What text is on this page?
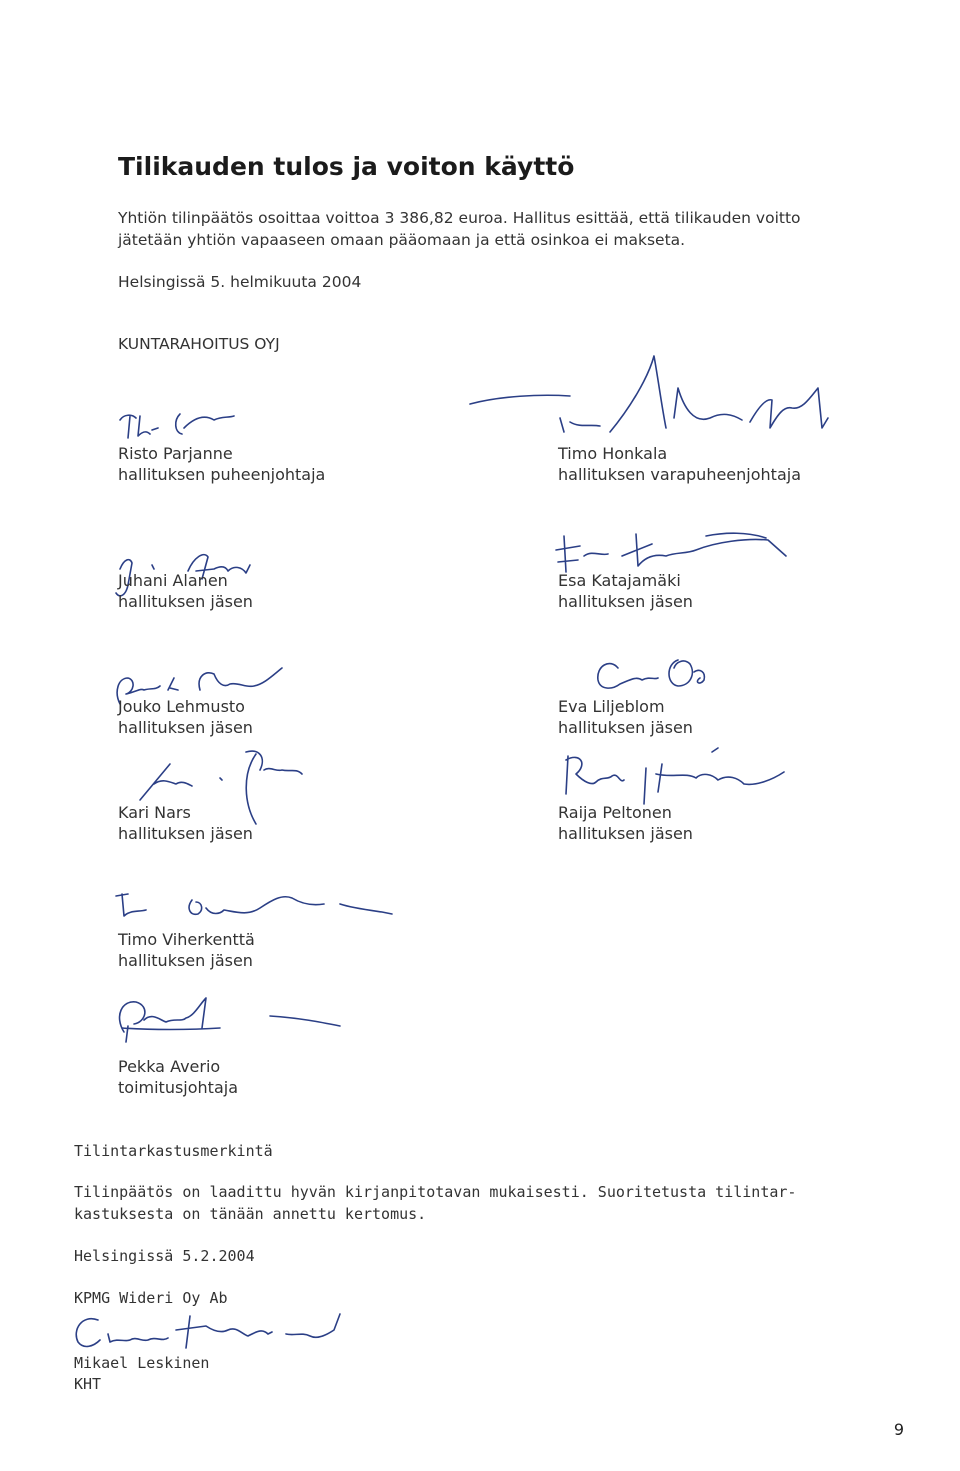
Tilikauden tulos ja voiton käyttö
Yhtiön tilinpäätös osoittaa voittoa 3 386,82 euroa. Hallitus esittää, että tilikauden voitto
jätetään yhtiön vapaaseen omaan pääomaan ja että osinkoa ei makseta.
Helsingissä 5. helmikuuta 2004
KUNTARAHOITUS OYJ
Risto Parjanne
hallituksen puheenjohtaja
Timo Honkala
hallituksen varapuheenjohtaja
Juhani Alanen
hallituksen jäsen
Esa Katajamäki
hallituksen jäsen
Jouko Lehmusto
hallituksen jäsen
Eva Liljeblom
hallituksen jäsen
Kari Nars
hallituksen jäsen
Raija Peltonen
hallituksen jäsen
Timo Viherkenttä
hallituksen jäsen
Pekka Averio
toimitusjohtaja
Tilintarkastusmerkintä
Tilinpäätös on laadittu hyvän kirjanpitotavan mukaisesti. Suoritetusta tilintar-
kastuksesta on tänään annettu kertomus.
Helsingissä 5.2.2004
KPMG Wideri Oy Ab
Mikael Leskinen
KHT
9
